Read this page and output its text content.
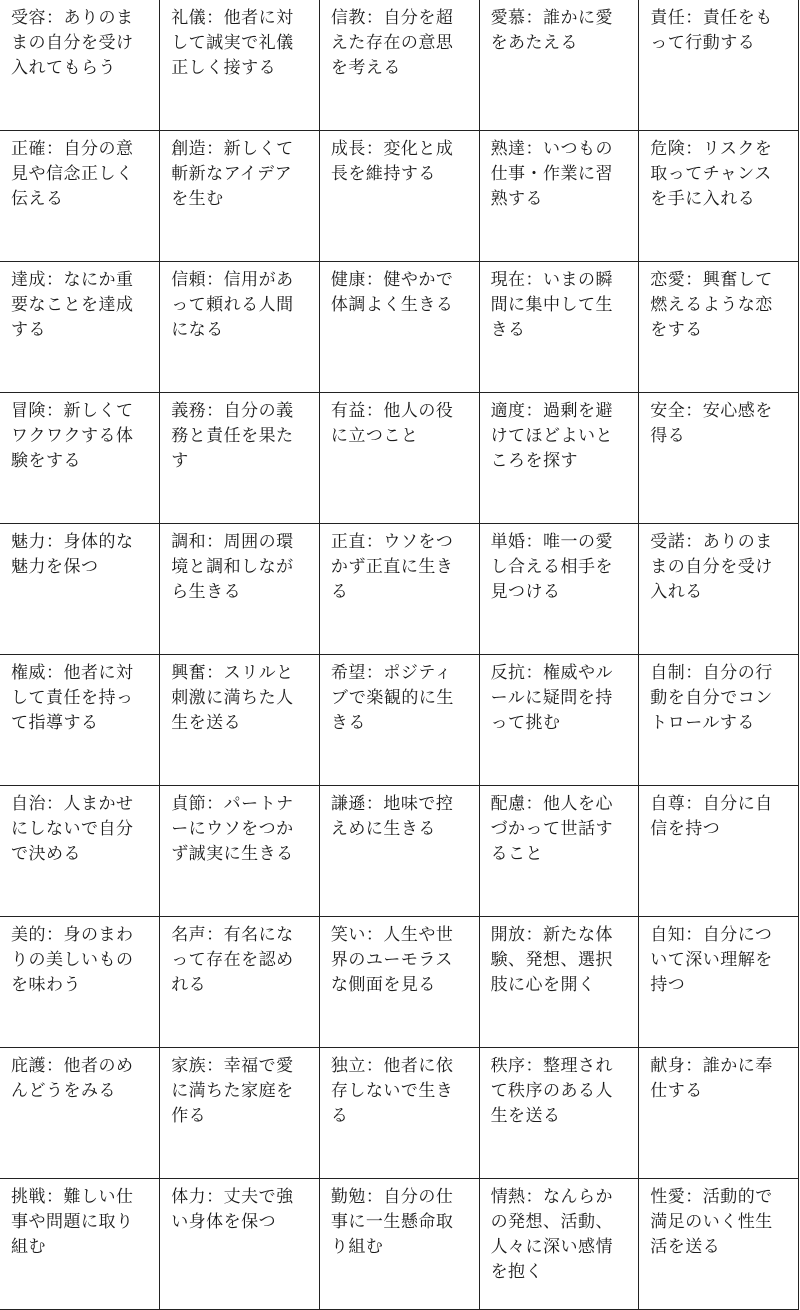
受容：ありのままの自分を受け入れてもらう	礼儀：他者に対して誠実で礼儀正しく接する	信教：自分を超えた存在の意思を考える	愛慕：誰かに愛をあたえる	責任：責任をもって行動する

正確：自分の意見や信念正しく伝える	創造：新しくて斬新なアイデアを生む	成長：変化と成長を維持する	熟達：いつもの仕事・作業に習熟する	危険：リスクを取ってチャンスを手に入れる

達成：なにか重要なことを達成する	信頼：信用があって頼れる人間になる	健康：健やかで体調よく生きる	現在：いまの瞬間に集中して生きる	恋愛：興奮して燃えるような恋をする

冒険：新しくてワクワクする体験をする	義務：自分の義務と責任を果たす	有益：他人の役に立つこと	適度：過剰を避けてほどよいところを探す	安全：安心感を得る

魅力：身体的な魅力を保つ	調和：周囲の環境と調和しながら生きる	正直：ウソをつかず正直に生きる	単婚：唯一の愛し合える相手を見つける	受諾：ありのままの自分を受け入れる

権威：他者に対して責任を持って指導する	興奮：スリルと刺激に満ちた人生を送る	希望：ポジティブで楽観的に生きる	反抗：権威やルールに疑問を持って挑む	自制：自分の行動を自分でコントロールする

自治：人まかせにしないで自分で決める	貞節：パートナーにウソをつかず誠実に生きる	謙遜：地味で控えめに生きる	配慮：他人を心づかって世話すること	自尊：自分に自信を持つ

美的：身のまわりの美しいものを味わう	名声：有名になって存在を認めれる	笑い：人生や世界のユーモラスな側面を見る	開放：新たな体験、発想、選択肢に心を開く	自知：自分について深い理解を持つ

庇護：他者のめんどうをみる	家族：幸福で愛に満ちた家庭を作る	独立：他者に依存しないで生きる	秩序：整理されて秩序のある人生を送る	献身：誰かに奉仕する

挑戦：難しい仕事や問題に取り組む	体力：丈夫で強い身体を保つ	勤勉：自分の仕事に一生懸命取り組む	情熱：なんらかの発想、活動、人々に深い感情を抱く	性愛：活動的で満足のいく性生活を送る
